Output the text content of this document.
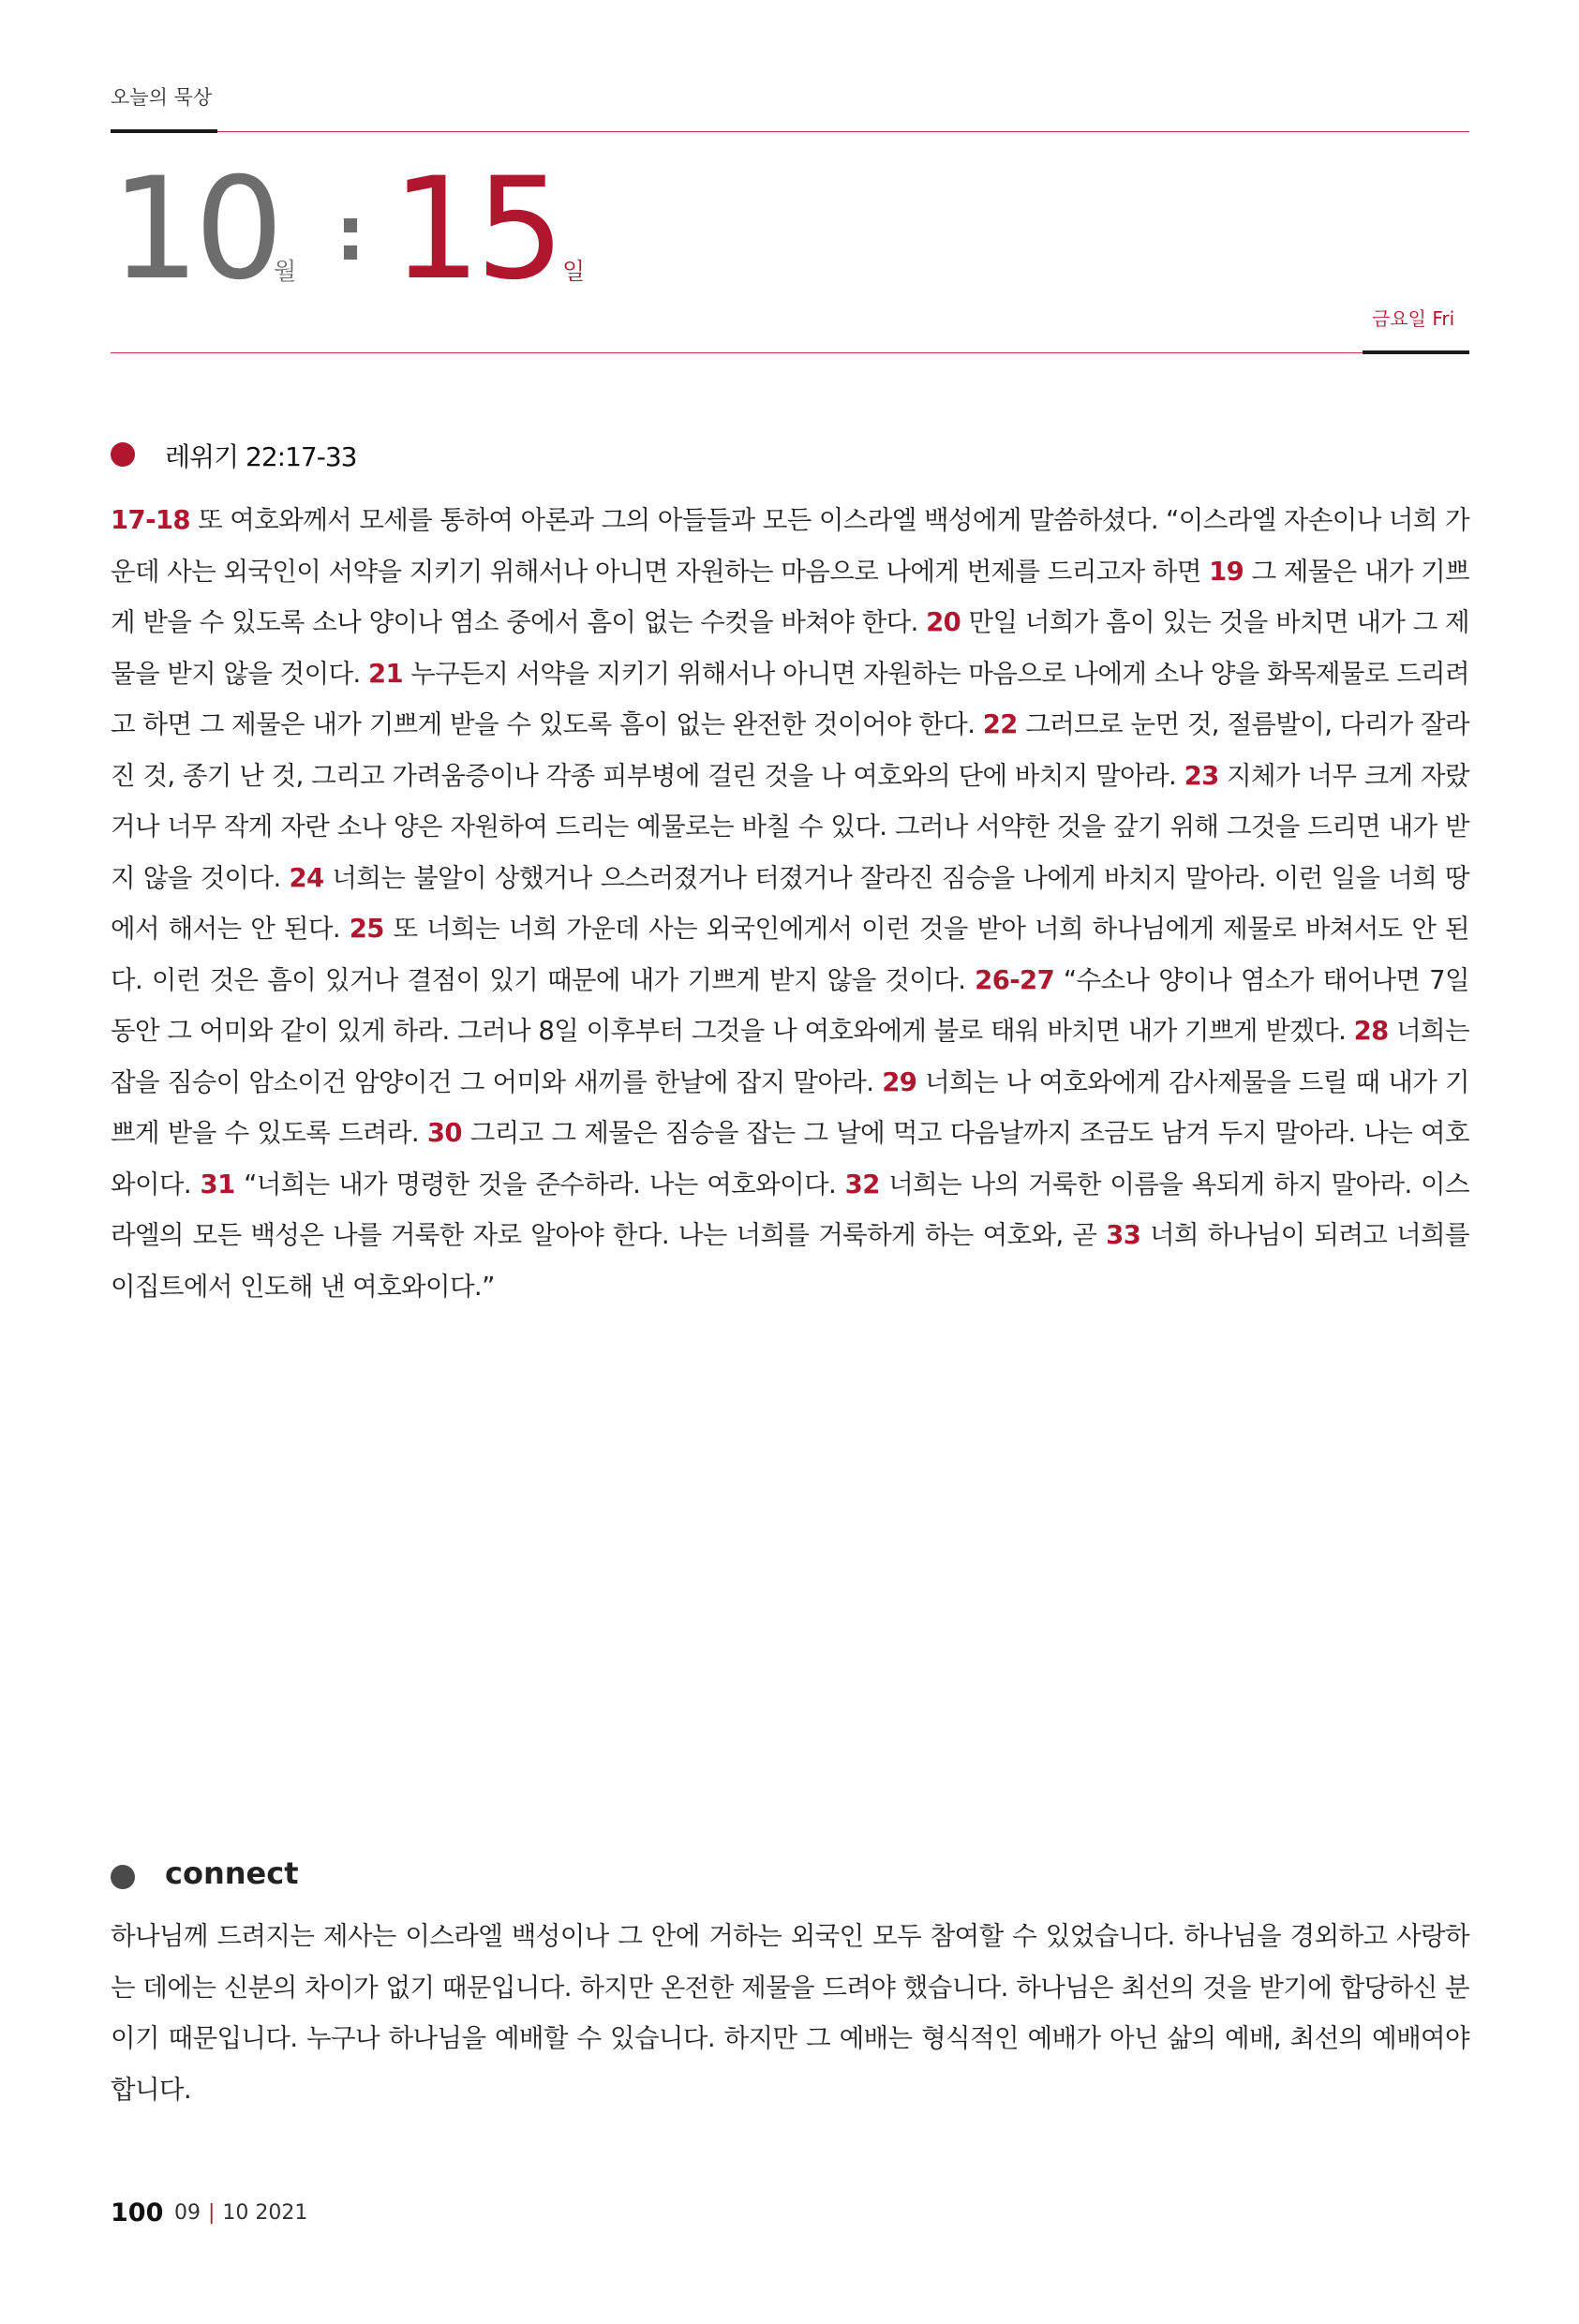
오늘의 묵상
10
월 : 15 일
금요일 Fri
레위기 22:17-33

17-18 또 여호와께서 모세를 통하여 아론과 그의 아들들과 모든 이스라엘 백성에게 말씀하셨다. “이스라엘 자손이나 너희 가운데 사는 외국인이 서약을 지키기 위해서나 아니면 자원하는 마음으로 나에게 번제를 드리고자 하면 19 그 제물은 내가 기쁘게 받을 수 있도록 소나 양이나 염소 중에서 흠이 없는 수컷을 바쳐야 한다. 20 만일 너희가 흠이 있는 것을 바치면 내가 그 제물을 받지 않을 것이다. 21 누구든지 서약을 지키기 위해서나 아니면 자원하는 마음으로 나에게 소나 양을 화목제물로 드리려고 하면 그 제물은 내가 기쁘게 받을 수 있도록 흠이 없는 완전한 것이어야 한다. 22 그러므로 눈먼 것, 절름발이, 다리가 잘라진 것, 종기 난 것, 그리고 가려움증이나 각종 피부병에 걸린 것을 나 여호와의 단에 바치지 말아라. 23 지체가 너무 크게 자랐거나 너무 작게 자란 소나 양은 자원하여 드리는 예물로는 바칠 수 있다. 그러나 서약한 것을 갚기 위해 그것을 드리면 내가 받지 않을 것이다. 24 너희는 불알이 상했거나 으스러졌거나 터졌거나 잘라진 짐승을 나에게 바치지 말아라. 이런 일을 너희 땅에서 해서는 안 된다. 25 또 너희는 너희 가운데 사는 외국인에게서 이런 것을 받아 너희 하나님에게 제물로 바쳐서도 안 된다. 이런 것은 흠이 있거나 결점이 있기 때문에 내가 기쁘게 받지 않을 것이다. 26-27 “수소나 양이나 염소가 태어나면 7일 동안 그 어미와 같이 있게 하라. 그러나 8일 이후부터 그것을 나 여호와에게 불로 태워 바치면 내가 기쁘게 받겠다. 28 너희는 잡을 짐승이 암소이건 암양이건 그 어미와 새끼를 한날에 잡지 말아라. 29 너희는 나 여호와에게 감사제물을 드릴 때 내가 기쁘게 받을 수 있도록 드려라. 30 그리고 그 제물은 짐승을 잡는 그 날에 먹고 다음날까지 조금도 남겨 두지 말아라. 나는 여호와이다. 31 “너희는 내가 명령한 것을 준수하라. 나는 여호와이다. 32 너희는 나의 거룩한 이름을 욕되게 하지 말아라. 이스라엘의 모든 백성은 나를 거룩한 자로 알아야 한다. 나는 너희를 거룩하게 하는 여호와, 곧 33 너희 하나님이 되려고 너희를 이집트에서 인도해 낸 여호와이다.”

connect

하나님께 드려지는 제사는 이스라엘 백성이나 그 안에 거하는 외국인 모두 참여할 수 있었습니다. 하나님을 경외하고 사랑하는 데에는 신분의 차이가 없기 때문입니다. 하지만 온전한 제물을 드려야 했습니다. 하나님은 최선의 것을 받기에 합당하신 분이기 때문입니다. 누구나 하나님을 예배할 수 있습니다. 하지만 그 예배는 형식적인 예배가 아닌 삶의 예배, 최선의 예배여야 합니다.

100 09 | 10 2021
